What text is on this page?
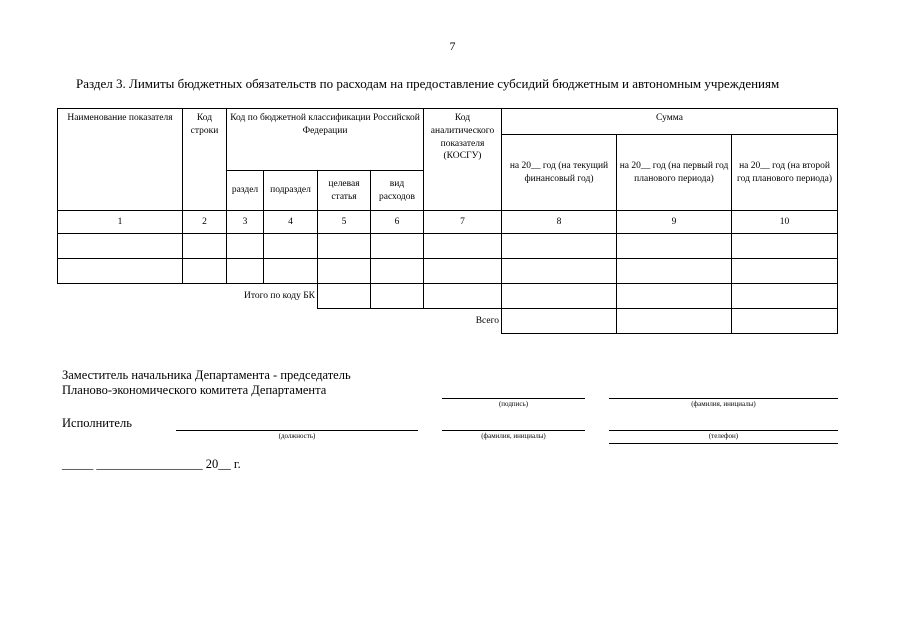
7
Раздел 3. Лимиты бюджетных обязательств по расходам на предоставление субсидий бюджетным и автономным учреждениям
Наименование показателя	Код строки	Код по бюджетной классификации Российской Федерации				Код аналитического показателя (КОСГУ)	Сумма		
							на 20__ год (на текущий финансовый год)	на 20__ год (на первый год планового периода)	на 20__ год (на второй год планового периода)
		раздел	подраздел	целевая статья	вид расходов				
1	2	3	4	5	6	7	8	9	10

Итого по коду БК									
Всего									
Заместитель начальника Департамента - председатель
Планово-экономического комитета Департамента
(подпись)	(фамилия, инициалы)
Исполнитель
(должность)	(фамилия, инициалы)	(телефон)
_____ _________________ 20__ г.
